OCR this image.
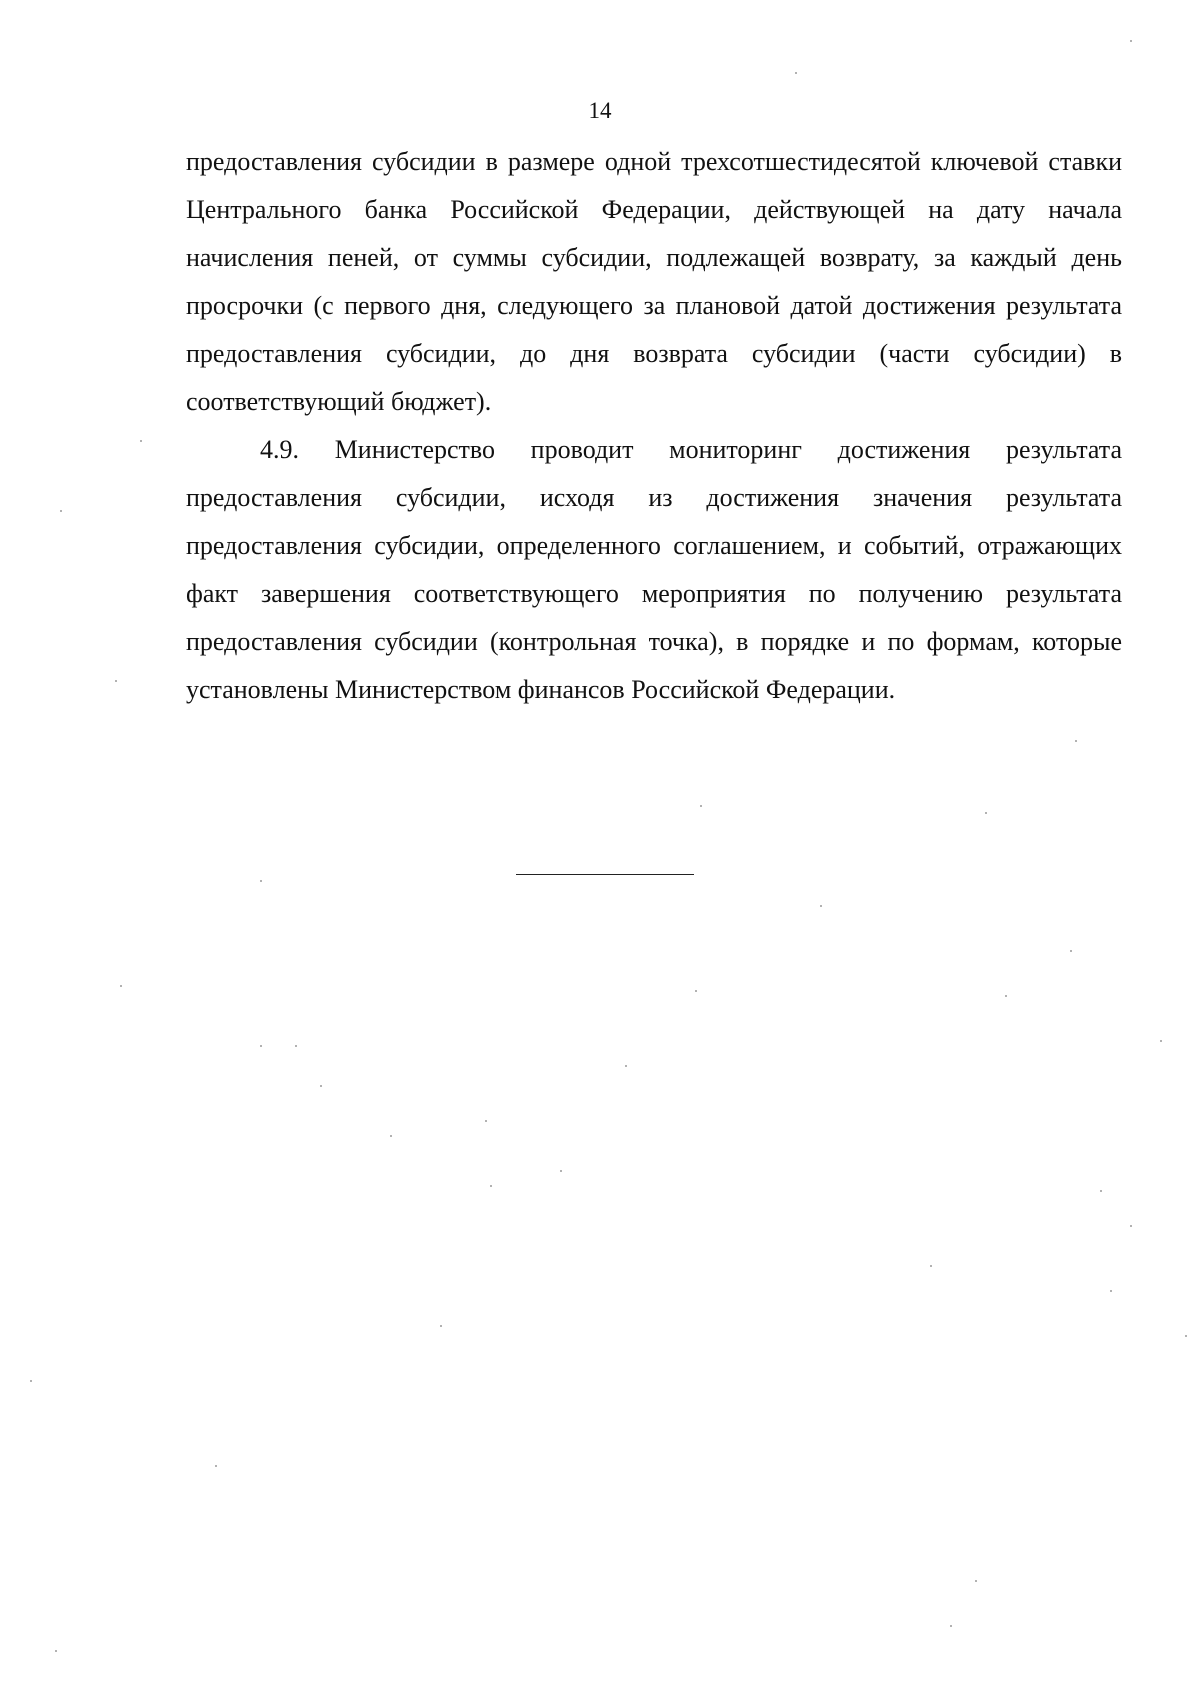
14

предоставления субсидии в размере одной трехсотшестидесятой ключевой ставки Центрального банка Российской Федерации, действующей на дату начала начисления пеней, от суммы субсидии, подлежащей возврату, за каждый день просрочки (с первого дня, следующего за плановой датой достижения результата предоставления субсидии, до дня возврата субсидии (части субсидии) в соответствующий бюджет).

4.9. Министерство проводит мониторинг достижения результата предоставления субсидии, исходя из достижения значения результата предоставления субсидии, определенного соглашением, и событий, отражающих факт завершения соответствующего мероприятия по получению результата предоставления субсидии (контрольная точка), в порядке и по формам, которые установлены Министерством финансов Российской Федерации.
